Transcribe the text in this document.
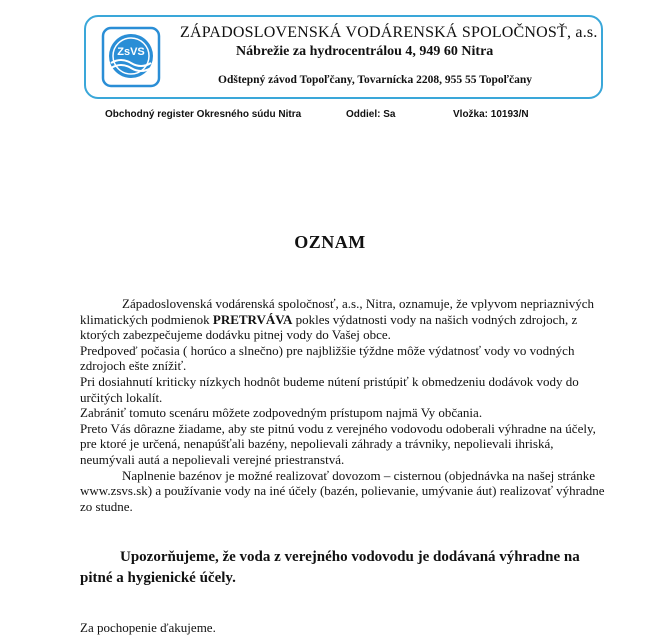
ZsVS
ZÁPADOSLOVENSKÁ VODÁRENSKÁ SPOLOČNOSŤ, a.s.
Nábrežie za hydrocentrálou 4, 949 60 Nitra
Odštepný závod Topoľčany, Tovarnícka 2208, 955 55 Topoľčany
Obchodný register Okresného súdu Nitra	Oddiel: Sa	Vložka: 10193/N
OZNAM

Západoslovenská vodárenská spoločnosť, a.s., Nitra, oznamuje, že vplyvom nepriaznivých klimatických podmienok PRETRVÁVA pokles výdatnosti vody na našich vodných zdrojoch, z ktorých zabezpečujeme dodávku pitnej vody do Vašej obce.

Predpoveď počasia ( horúco a slnečno) pre najbližšie týždne môže výdatnosť vody vo vodných zdrojoch ešte znížiť.

Pri dosiahnutí kriticky nízkych hodnôt budeme nútení pristúpiť k obmedzeniu dodávok vody do určitých lokalít.

Zabrániť tomuto scenáru môžete zodpovedným prístupom najmä Vy občania.

Preto Vás dôrazne žiadame, aby ste pitnú vodu z verejného vodovodu odoberali výhradne na účely, pre ktoré je určená, nenapúšťali bazény, nepolievali záhrady a trávniky, nepolievali ihriská, neumývali autá a nepolievali verejné priestranstvá.

Naplnenie bazénov je možné realizovať dovozom – cisternou (objednávka na našej stránke www.zsvs.sk) a používanie vody na iné účely (bazén, polievanie, umývanie áut) realizovať výhradne zo studne.

Upozorňujeme, že voda z verejného vodovodu je dodávaná výhradne na pitné a hygienické účely.
Za pochopenie ďakujeme.
